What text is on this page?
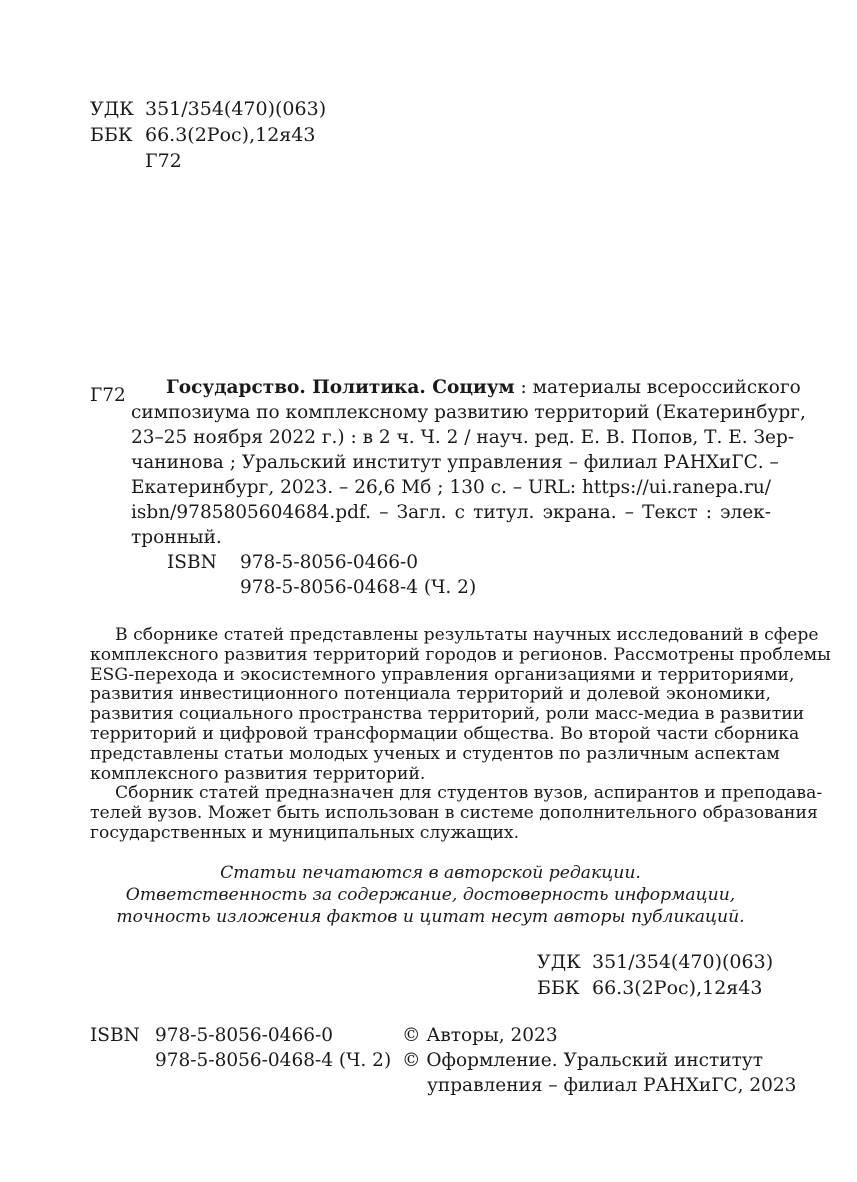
УДК 351/354(470)(063)
ББК 66.3(2Рос),12я43
Г72
Г72	Государство. Политика. Социум : материалы всероссийского
симпозиума по комплексному развитию территорий (Екатеринбург,
23–25 ноября 2022 г.) : в 2 ч. Ч. 2 / науч. ред. Е. В. Попов, Т. Е. Зер-
чанинова ; Уральский институт управления – филиал РАНХиГС. –
Екатеринбург, 2023. – 26,6 Мб ; 130 с. – URL: https://ui.ranepa.ru/
isbn/9785805604684.pdf. – Загл. с титул. экрана. – Текст : элек-
тронный.
ISBN 978-5-8056-0466-0
978-5-8056-0468-4 (Ч. 2)
В сборнике статей представлены результаты научных исследований в сфере
комплексного развития территорий городов и регионов. Рассмотрены проблемы
ESG-перехода и экосистемного управления организациями и территориями,
развития инвестиционного потенциала территорий и долевой экономики,
развития социального пространства территорий, роли масс-медиа в развитии
территорий и цифровой трансформации общества. Во второй части сборника
представлены статьи молодых ученых и студентов по различным аспектам
комплексного развития территорий.
Сборник статей предназначен для студентов вузов, аспирантов и преподава-
телей вузов. Может быть использован в системе дополнительного образования
государственных и муниципальных служащих.
Статьи печатаются в авторской редакции.
Ответственность за содержание, достоверность информации,
точность изложения фактов и цитат несут авторы публикаций.
УДК 351/354(470)(063)
ББК 66.3(2Рос),12я43
ISBN 978-5-8056-0466-0
978-5-8056-0468-4 (Ч. 2)
© Авторы, 2023
© Оформление. Уральский институт
управления – филиал РАНХиГС, 2023
